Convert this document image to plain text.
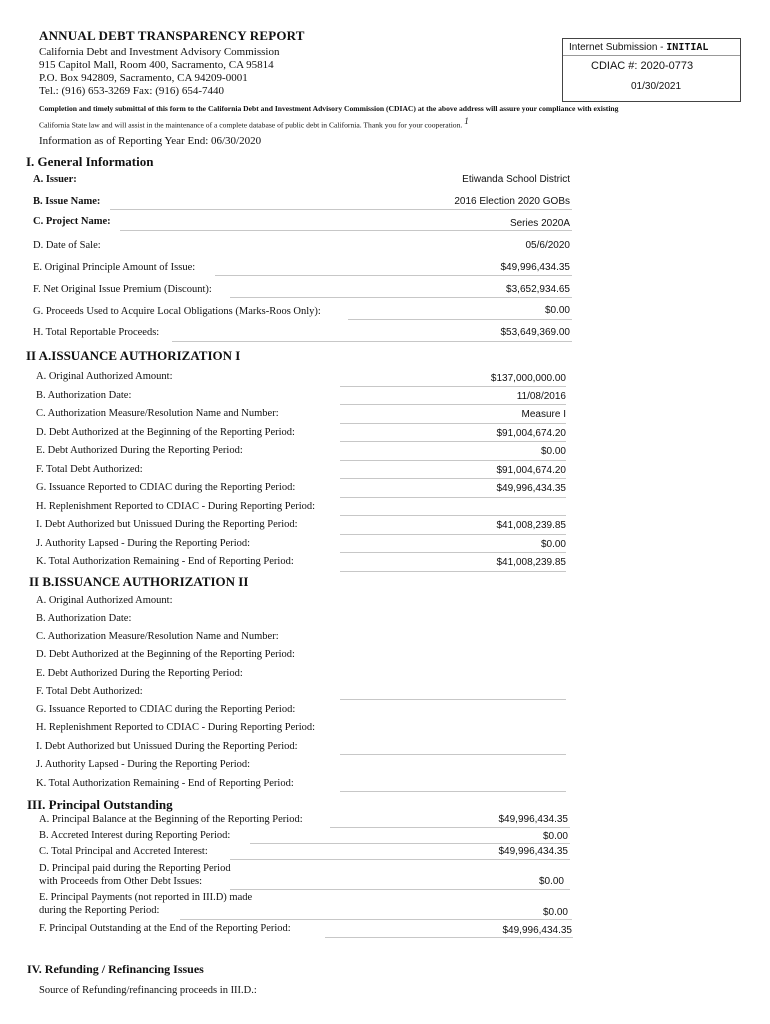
ANNUAL DEBT TRANSPARENCY REPORT
California Debt and Investment Advisory Commission
915 Capitol Mall, Room 400, Sacramento, CA 95814
P.O. Box 942809, Sacramento, CA 94209-0001
Tel.: (916) 653-3269 Fax: (916) 654-7440
Internet Submission - INITIAL
CDIAC #: 2020-0773
01/30/2021
Completion and timely submittal of this form to the California Debt and Investment Advisory Commission (CDIAC) at the above address will assure your compliance with existing
California State law and will assist in the maintenance of a complete database of public debt in California. Thank you for your cooperation. $^1$
Information as of Reporting Year End: 06/30/2020
I. General Information
A. Issuer:	Etiwanda School District
B. Issue Name:	2016 Election 2020 GOBs
C. Project Name:	Series 2020A
D. Date of Sale:	05/6/2020
E. Original Principle Amount of Issue:	$49,996,434.35
F. Net Original Issue Premium (Discount):	$3,652,934.65
G. Proceeds Used to Acquire Local Obligations (Marks-Roos Only):	$0.00
H. Total Reportable Proceeds:	$53,649,369.00
II A.ISSUANCE AUTHORIZATION I
A. Original Authorized Amount:	$137,000,000.00
B. Authorization Date:	11/08/2016
C. Authorization Measure/Resolution Name and Number:	Measure I
D. Debt Authorized at the Beginning of the Reporting Period:	$91,004,674.20
E. Debt Authorized During the Reporting Period:	$0.00
F. Total Debt Authorized:	$91,004,674.20
G. Issuance Reported to CDIAC during the Reporting Period:	$49,996,434.35
H. Replenishment Reported to CDIAC - During Reporting Period:
I. Debt Authorized but Unissued During the Reporting Period:	$41,008,239.85
J. Authority Lapsed - During the Reporting Period:	$0.00
K. Total Authorization Remaining - End of Reporting Period:	$41,008,239.85
II B.ISSUANCE AUTHORIZATION II
A. Original Authorized Amount:
B. Authorization Date:
C. Authorization Measure/Resolution Name and Number:
D. Debt Authorized at the Beginning of the Reporting Period:
E. Debt Authorized During the Reporting Period:
F. Total Debt Authorized:
G. Issuance Reported to CDIAC during the Reporting Period:
H. Replenishment Reported to CDIAC - During Reporting Period:
I. Debt Authorized but Unissued During the Reporting Period:
J. Authority Lapsed - During the Reporting Period:
K. Total Authorization Remaining - End of Reporting Period:
III. Principal Outstanding
A. Principal Balance at the Beginning of the Reporting Period:	$49,996,434.35
B. Accreted Interest during Reporting Period:	$0.00
C. Total Principal and Accreted Interest:	$49,996,434.35
D. Principal paid during the Reporting Period
with Proceeds from Other Debt Issues:	$0.00
E. Principal Payments (not reported in III.D) made
during the Reporting Period:	$0.00
F. Principal Outstanding at the End of the Reporting Period:	$49,996,434.35
IV. Refunding / Refinancing Issues
Source of Refunding/refinancing proceeds in III.D.:
